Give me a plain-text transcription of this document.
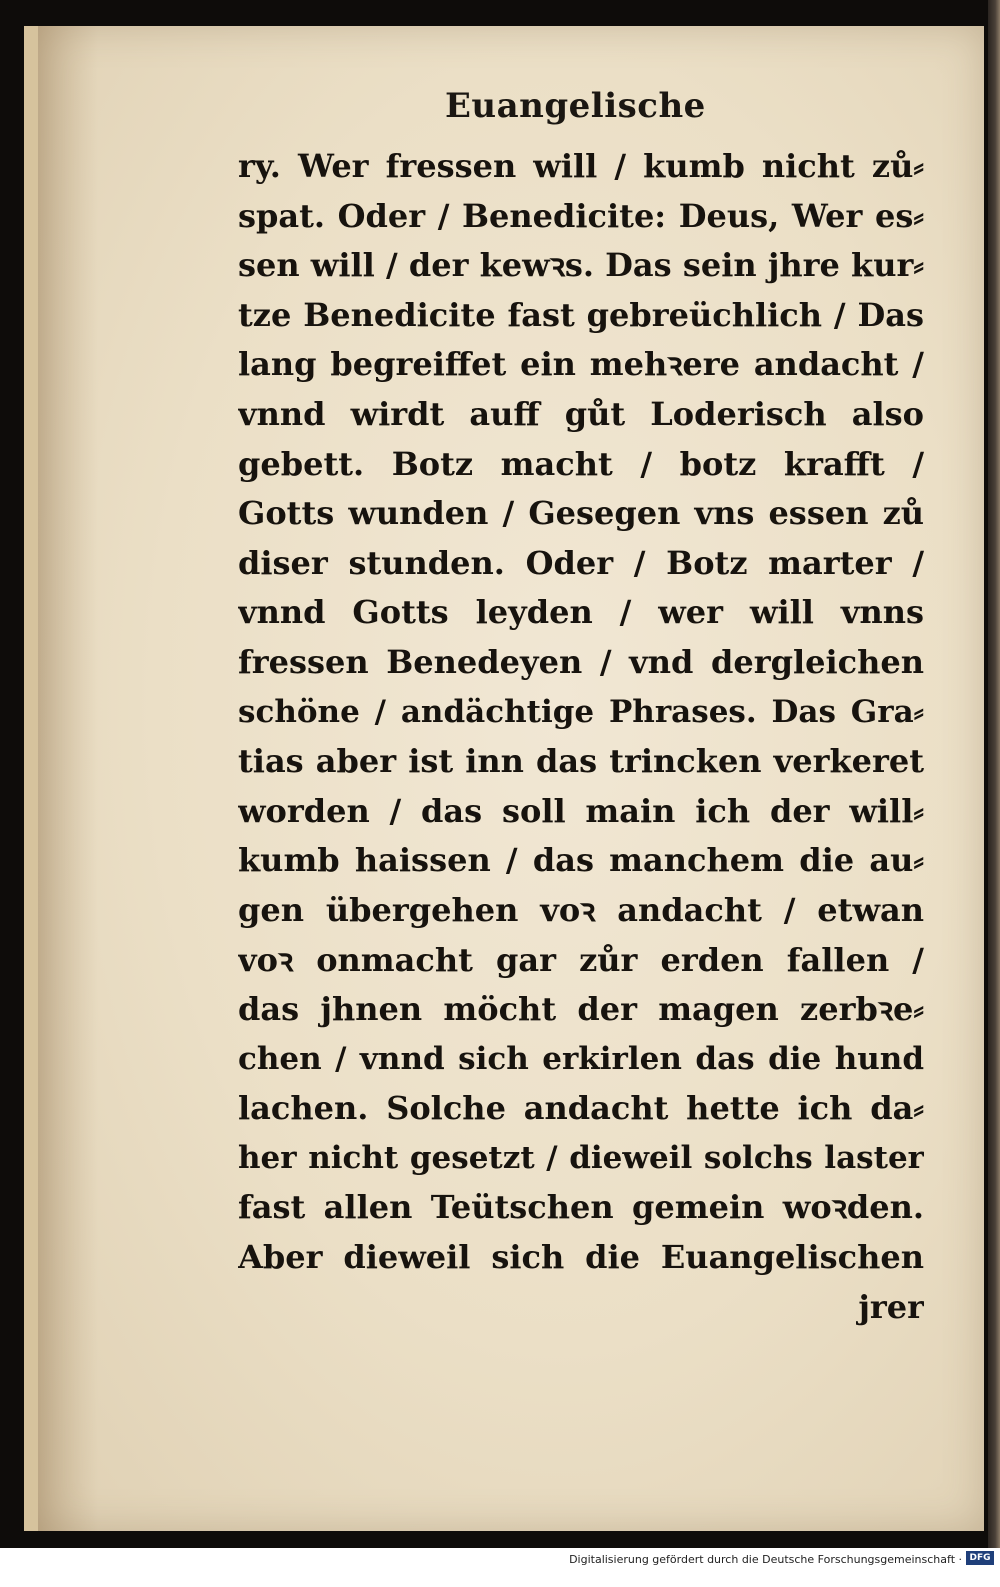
Euangelische
ry. Wer fressen will / kumb nicht zů⸗
spat. Oder / Benedicite: Deus, Wer es⸗
sen will / der kewꝛs. Das sein jhre kur⸗
tze Benedicite fast gebreüchlich / Das
lang begreiffet ein mehꝛere andacht /
vnnd wirdt auff gůt Loderisch also
gebett. Botz macht / botz krafft /
Gotts wunden / Gesegen vns essen zů
diser stunden. Oder / Botz marter /
vnnd Gotts leyden / wer will vnns
fressen Benedeyen / vnd dergleichen
schöne / andächtige Phrases. Das Gra⸗
tias aber ist inn das trincken verkeret
worden / das soll main ich der will⸗
kumb haissen / das manchem die au⸗
gen übergehen voꝛ andacht / etwan
voꝛ onmacht gar zůr erden fallen /
das jhnen möcht der magen zerbꝛe⸗
chen / vnnd sich erkirlen das die hund
lachen. Solche andacht hette ich da⸗
her nicht gesetzt / dieweil solchs laster
fast allen Teütschen gemein woꝛden.
Aber dieweil sich die Euangelischen
jrer
Digitalisierung gefördert durch die Deutsche Forschungsgemeinschaft · DFG
